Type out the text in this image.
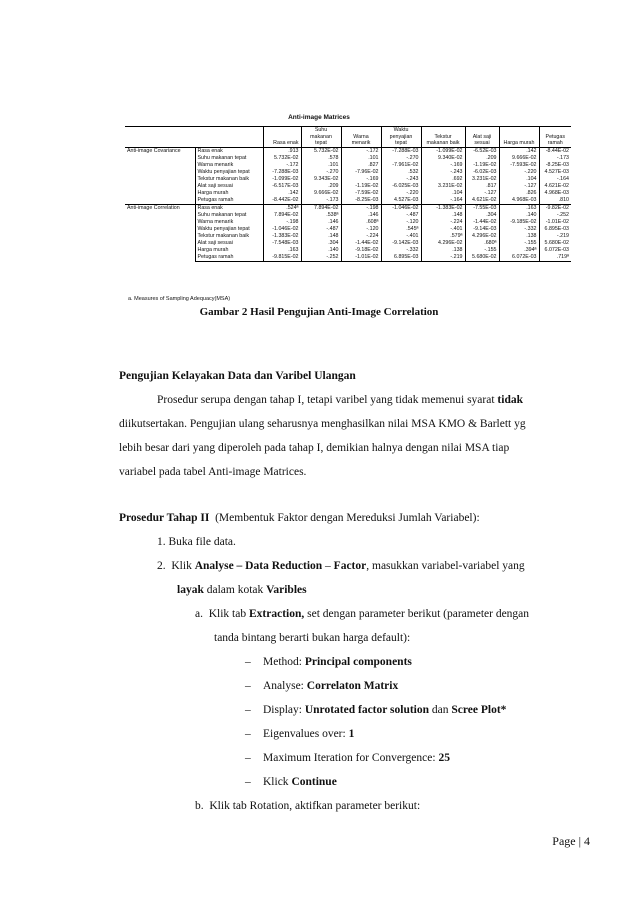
Anti-image Matrices
		Rasa enak	Suhu makanan tepat	Warna menarik	Waktu penyajian tepat	Tekstur makanan baik	Alat saji sesuai	Harga murah	Petugas ramah
Anti-image Covariance	Rasa enak	.913	5.732E-02	-.172	-7.288E-03	-1.099E-02	-6.52E-03	.142	-8.44E-02
	Suhu makanan tepat	5.732E-02	.578	.101	-.270	9.340E-02	.209	9.666E-02	-.173
	Warna menarik	-.172	.101	.827	-7.961E-02	-.169	-1.19E-02	-7.593E-02	-8.25E-03
	Waktu penyajian tepat	-7.288E-03	-.270	-7.96E-02	.532	-.243	-6.02E-03	-.220	4.527E-03
	Tekstur makanan baik	-1.099E-02	9.343E-02	-.169	-.243	.692	3.231E-02	.104	-.164
	Alat saji sesuai	-6.517E-03	.209	-1.19E-02	-6.025E-03	3.231E-02	.817	-.127	4.621E-02
	Harga murah	.142	9.666E-02	-7.59E-02	-.220	.104	-.127	.826	4.968E-03
	Petugas ramah	-8.442E-02	-.173	-8.25E-03	4.527E-03	-.164	4.621E-02	4.968E-03	.810
Anti-image Correlation	Rasa enak	.524ª	7.894E-02	-.198	-1.046E-02	-1.383E-02	-7.55E-03	.163	-9.82E-02
	Suhu makanan tepat	7.894E-02	.538ª	.146	-.487	.148	.304	.140	-.252
	Warna menarik	-.198	.146	.608ª	-.120	-.224	-1.44E-02	-9.185E-02	-1.01E-02
	Waktu penyajian tepat	-1.046E-02	-.487	-.120	.545ª	-.401	-9.14E-03	-.332	6.895E-03
	Tekstur makanan baik	-1.383E-02	.148	-.224	-.401	.579ª	4.296E-02	.138	-.219
	Alat saji sesuai	-7.548E-03	.304	-1.44E-02	-9.142E-03	4.296E-02	.680ª	-.155	5.680E-02
	Harga murah	.163	.140	-9.18E-02	-.332	.138	-.155	.394ª	6.072E-03
	Petugas ramah	-9.815E-02	-.252	-1.01E-02	6.895E-03	-.219	5.680E-02	6.072E-03	.719ª
a. Measures of Sampling Adequacy(MSA)
Gambar 2 Hasil Pengujian Anti-Image Correlation

Pengujian Kelayakan Data dan Varibel Ulangan

Prosedur serupa dengan tahap I, tetapi varibel yang tidak memenui syarat tidak

diikutsertakan. Pengujian ulang seharusnya menghasilkan nilai MSA KMO & Barlett yg

lebih besar dari yang diperoleh pada tahap I, demikian halnya dengan nilai MSA tiap

variabel pada tabel Anti-image Matrices.

Prosedur Tahap II (Membentuk Faktor dengan Mereduksi Jumlah Variabel):

1. Buka file data.

2. Klik Analyse – Data Reduction – Factor, masukkan variabel-variabel yang

layak dalam kotak Varibles

a. Klik tab Extraction, set dengan parameter berikut (parameter dengan

tanda bintang berarti bukan harga default):

– Method: Principal components

– Analyse: Correlaton Matrix

– Display: Unrotated factor solution dan Scree Plot*

– Eigenvalues over: 1

– Maximum Iteration for Convergence: 25

– Klick Continue

b. Klik tab Rotation, aktifkan parameter berikut:

Page | 4
